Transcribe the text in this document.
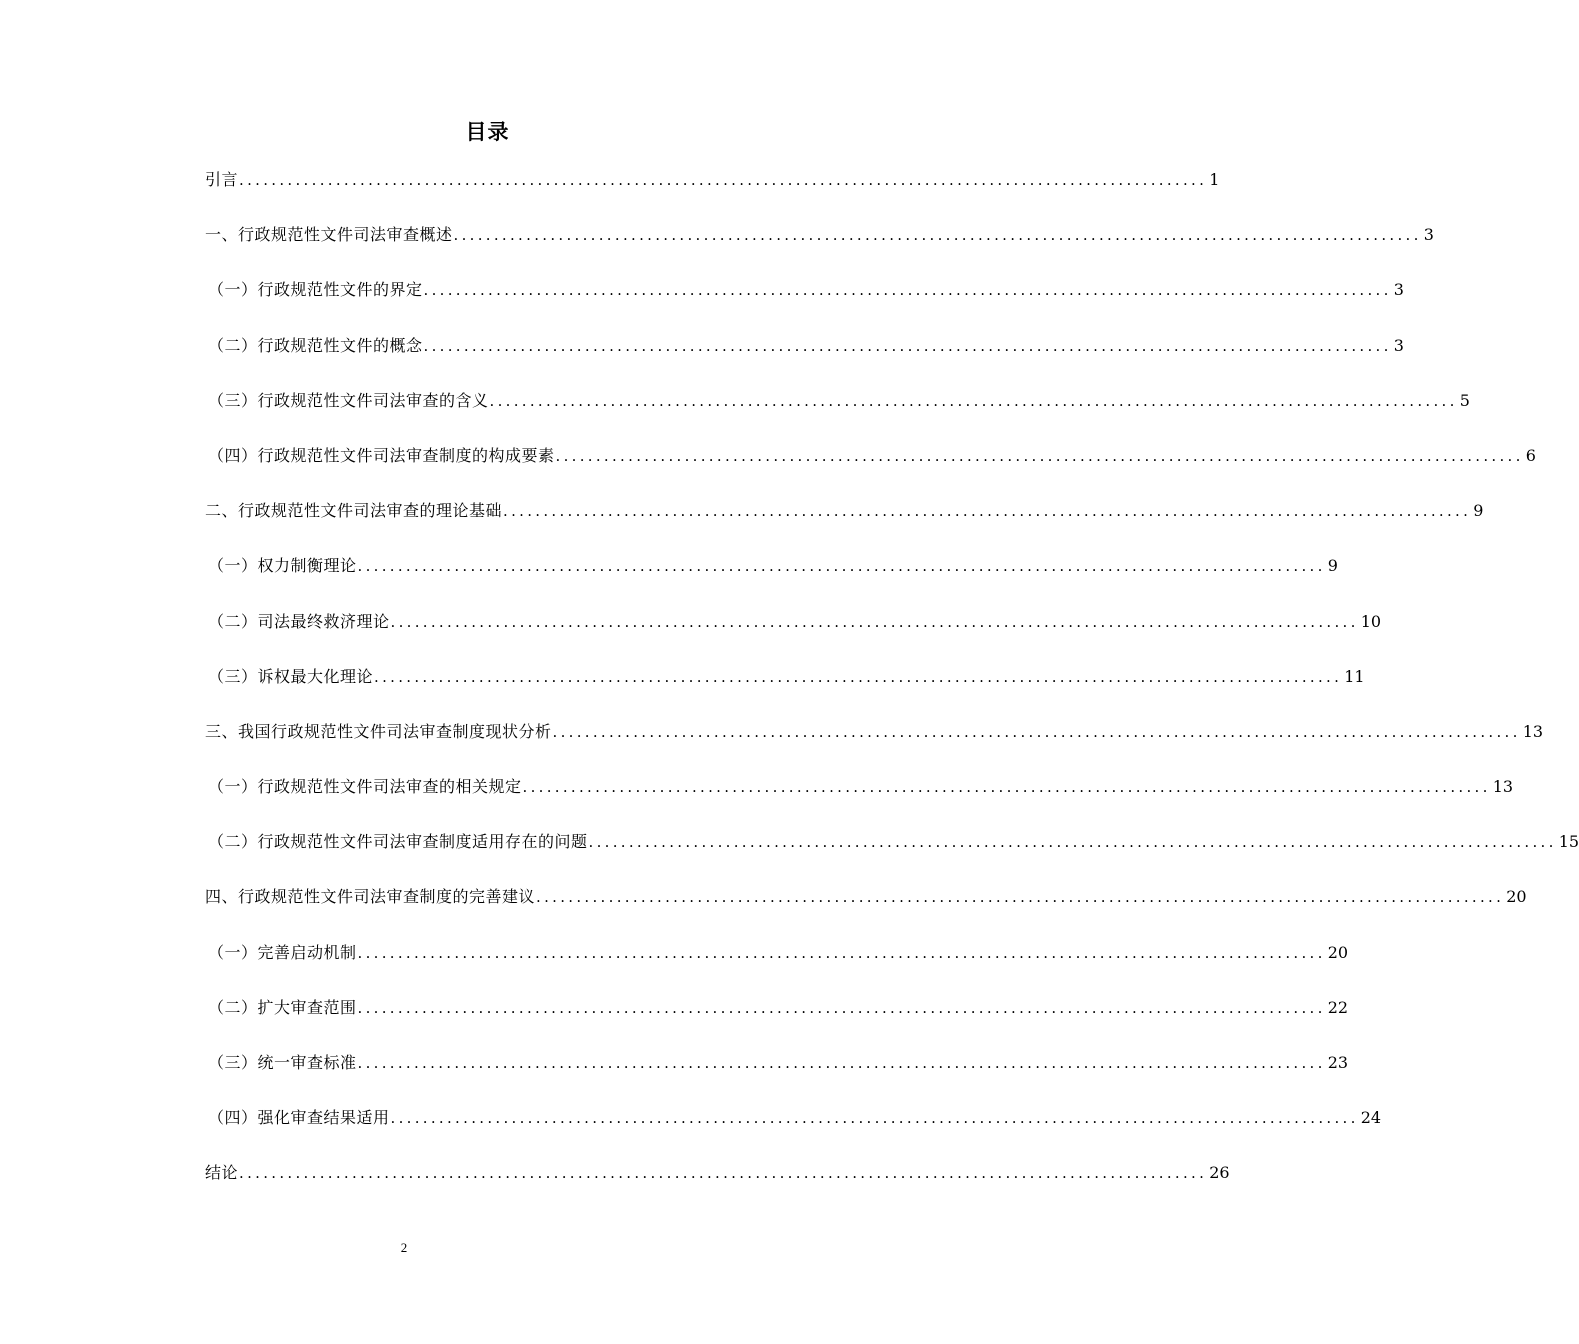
目录
引言 ........................................................................................................................ 1
一、行政规范性文件司法审查概述 ........................................................................................................................ 3
（一）行政规范性文件的界定 ........................................................................................................................ 3
（二）行政规范性文件的概念 ........................................................................................................................ 3
（三）行政规范性文件司法审查的含义 ........................................................................................................................ 5
（四）行政规范性文件司法审查制度的构成要素 ........................................................................................................................ 6
二、行政规范性文件司法审查的理论基础 ........................................................................................................................ 9
（一）权力制衡理论 ........................................................................................................................ 9
（二）司法最终救济理论 ........................................................................................................................ 10
（三）诉权最大化理论 ........................................................................................................................ 11
三、我国行政规范性文件司法审查制度现状分析 ........................................................................................................................ 13
（一）行政规范性文件司法审查的相关规定 ........................................................................................................................ 13
（二）行政规范性文件司法审查制度适用存在的问题 ........................................................................................................................ 15
四、行政规范性文件司法审查制度的完善建议 ........................................................................................................................ 20
（一）完善启动机制 ........................................................................................................................ 20
（二）扩大审查范围 ........................................................................................................................ 22
（三）统一审查标准 ........................................................................................................................ 23
（四）强化审查结果适用 ........................................................................................................................ 24
结论 ........................................................................................................................ 26
2
